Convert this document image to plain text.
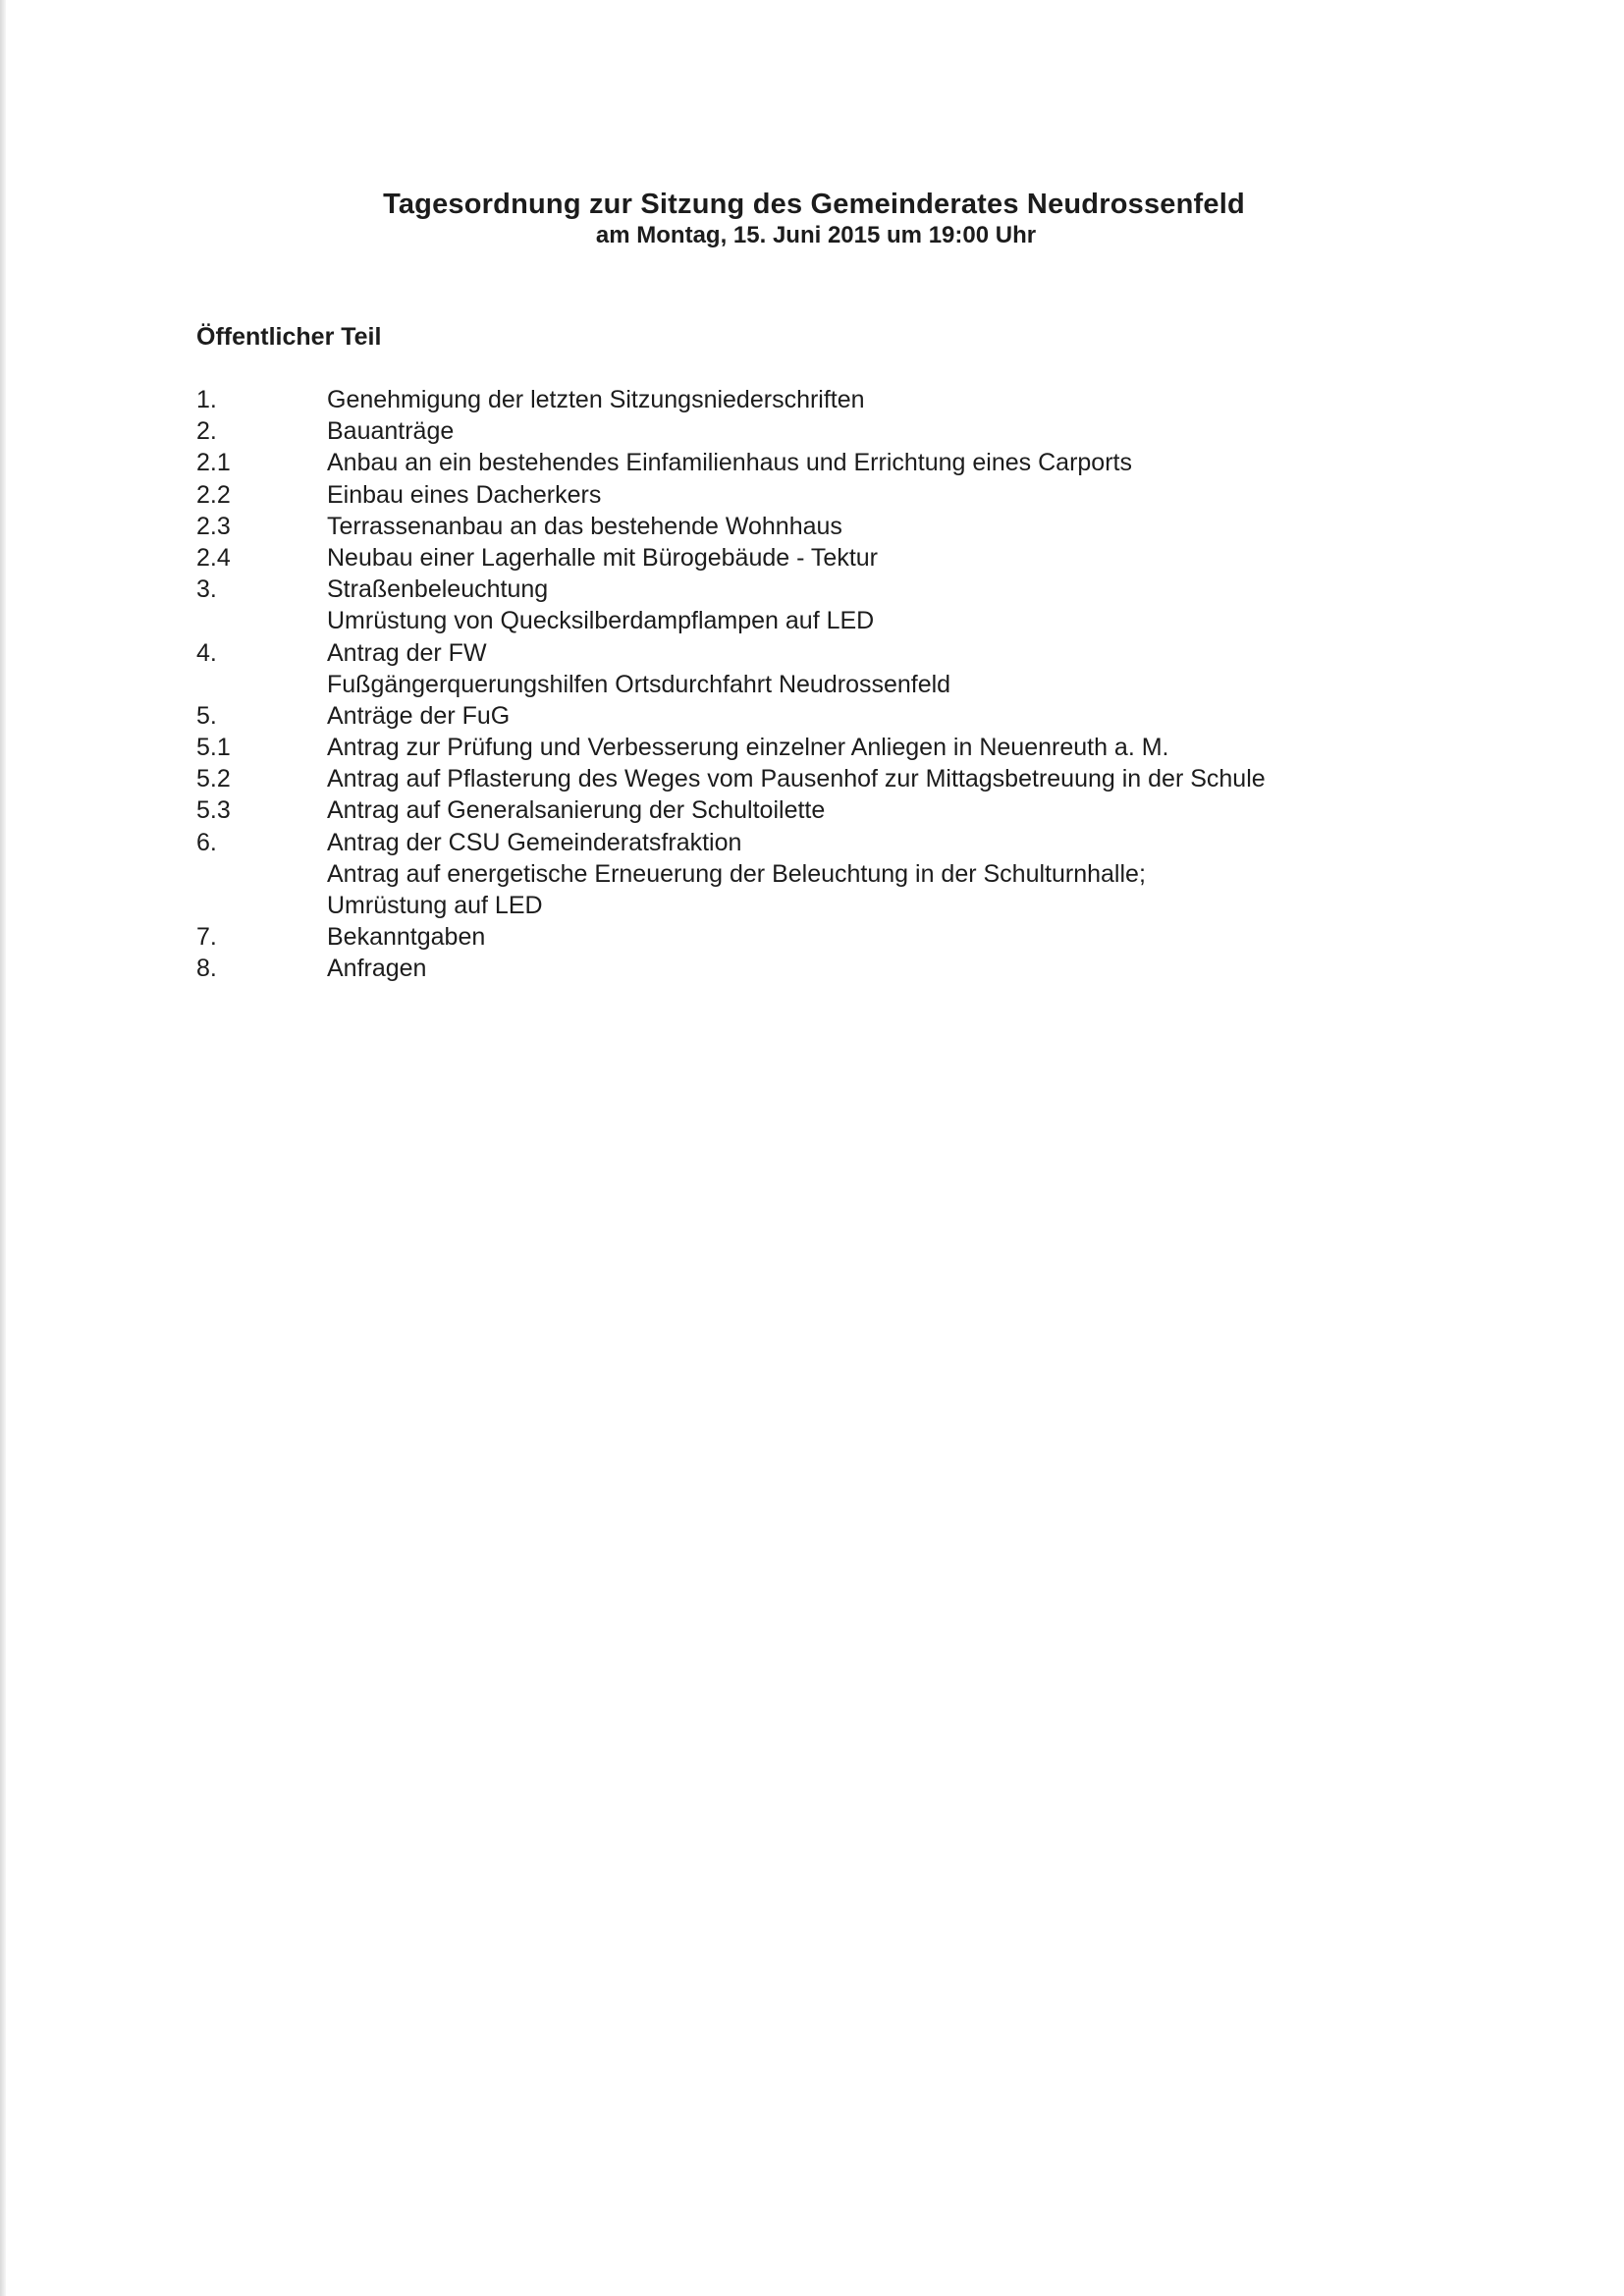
Tagesordnung zur Sitzung des Gemeinderates Neudrossenfeld

am Montag, 15. Juni 2015 um 19:00 Uhr

Öffentlicher Teil
1.	Genehmigung der letzten Sitzungsniederschriften
2.	Bauanträge
2.1	Anbau an ein bestehendes Einfamilienhaus und Errichtung eines Carports
2.2	Einbau eines Dacherkers
2.3	Terrassenanbau an das bestehende Wohnhaus
2.4	Neubau einer Lagerhalle mit Bürogebäude - Tektur
3.	Straßenbeleuchtung
Umrüstung von Quecksilberdampflampen auf LED
4.	Antrag der FW
Fußgängerquerungshilfen Ortsdurchfahrt Neudrossenfeld
5.	Anträge der FuG
5.1	Antrag zur Prüfung und Verbesserung einzelner Anliegen in Neuenreuth a. M.
5.2	Antrag auf Pflasterung des Weges vom Pausenhof zur Mittagsbetreuung in der Schule
5.3	Antrag auf Generalsanierung der Schultoilette
6.	Antrag der CSU Gemeinderatsfraktion
Antrag auf energetische Erneuerung der Beleuchtung in der Schulturnhalle;
Umrüstung auf LED
7.	Bekanntgaben
8.	Anfragen
